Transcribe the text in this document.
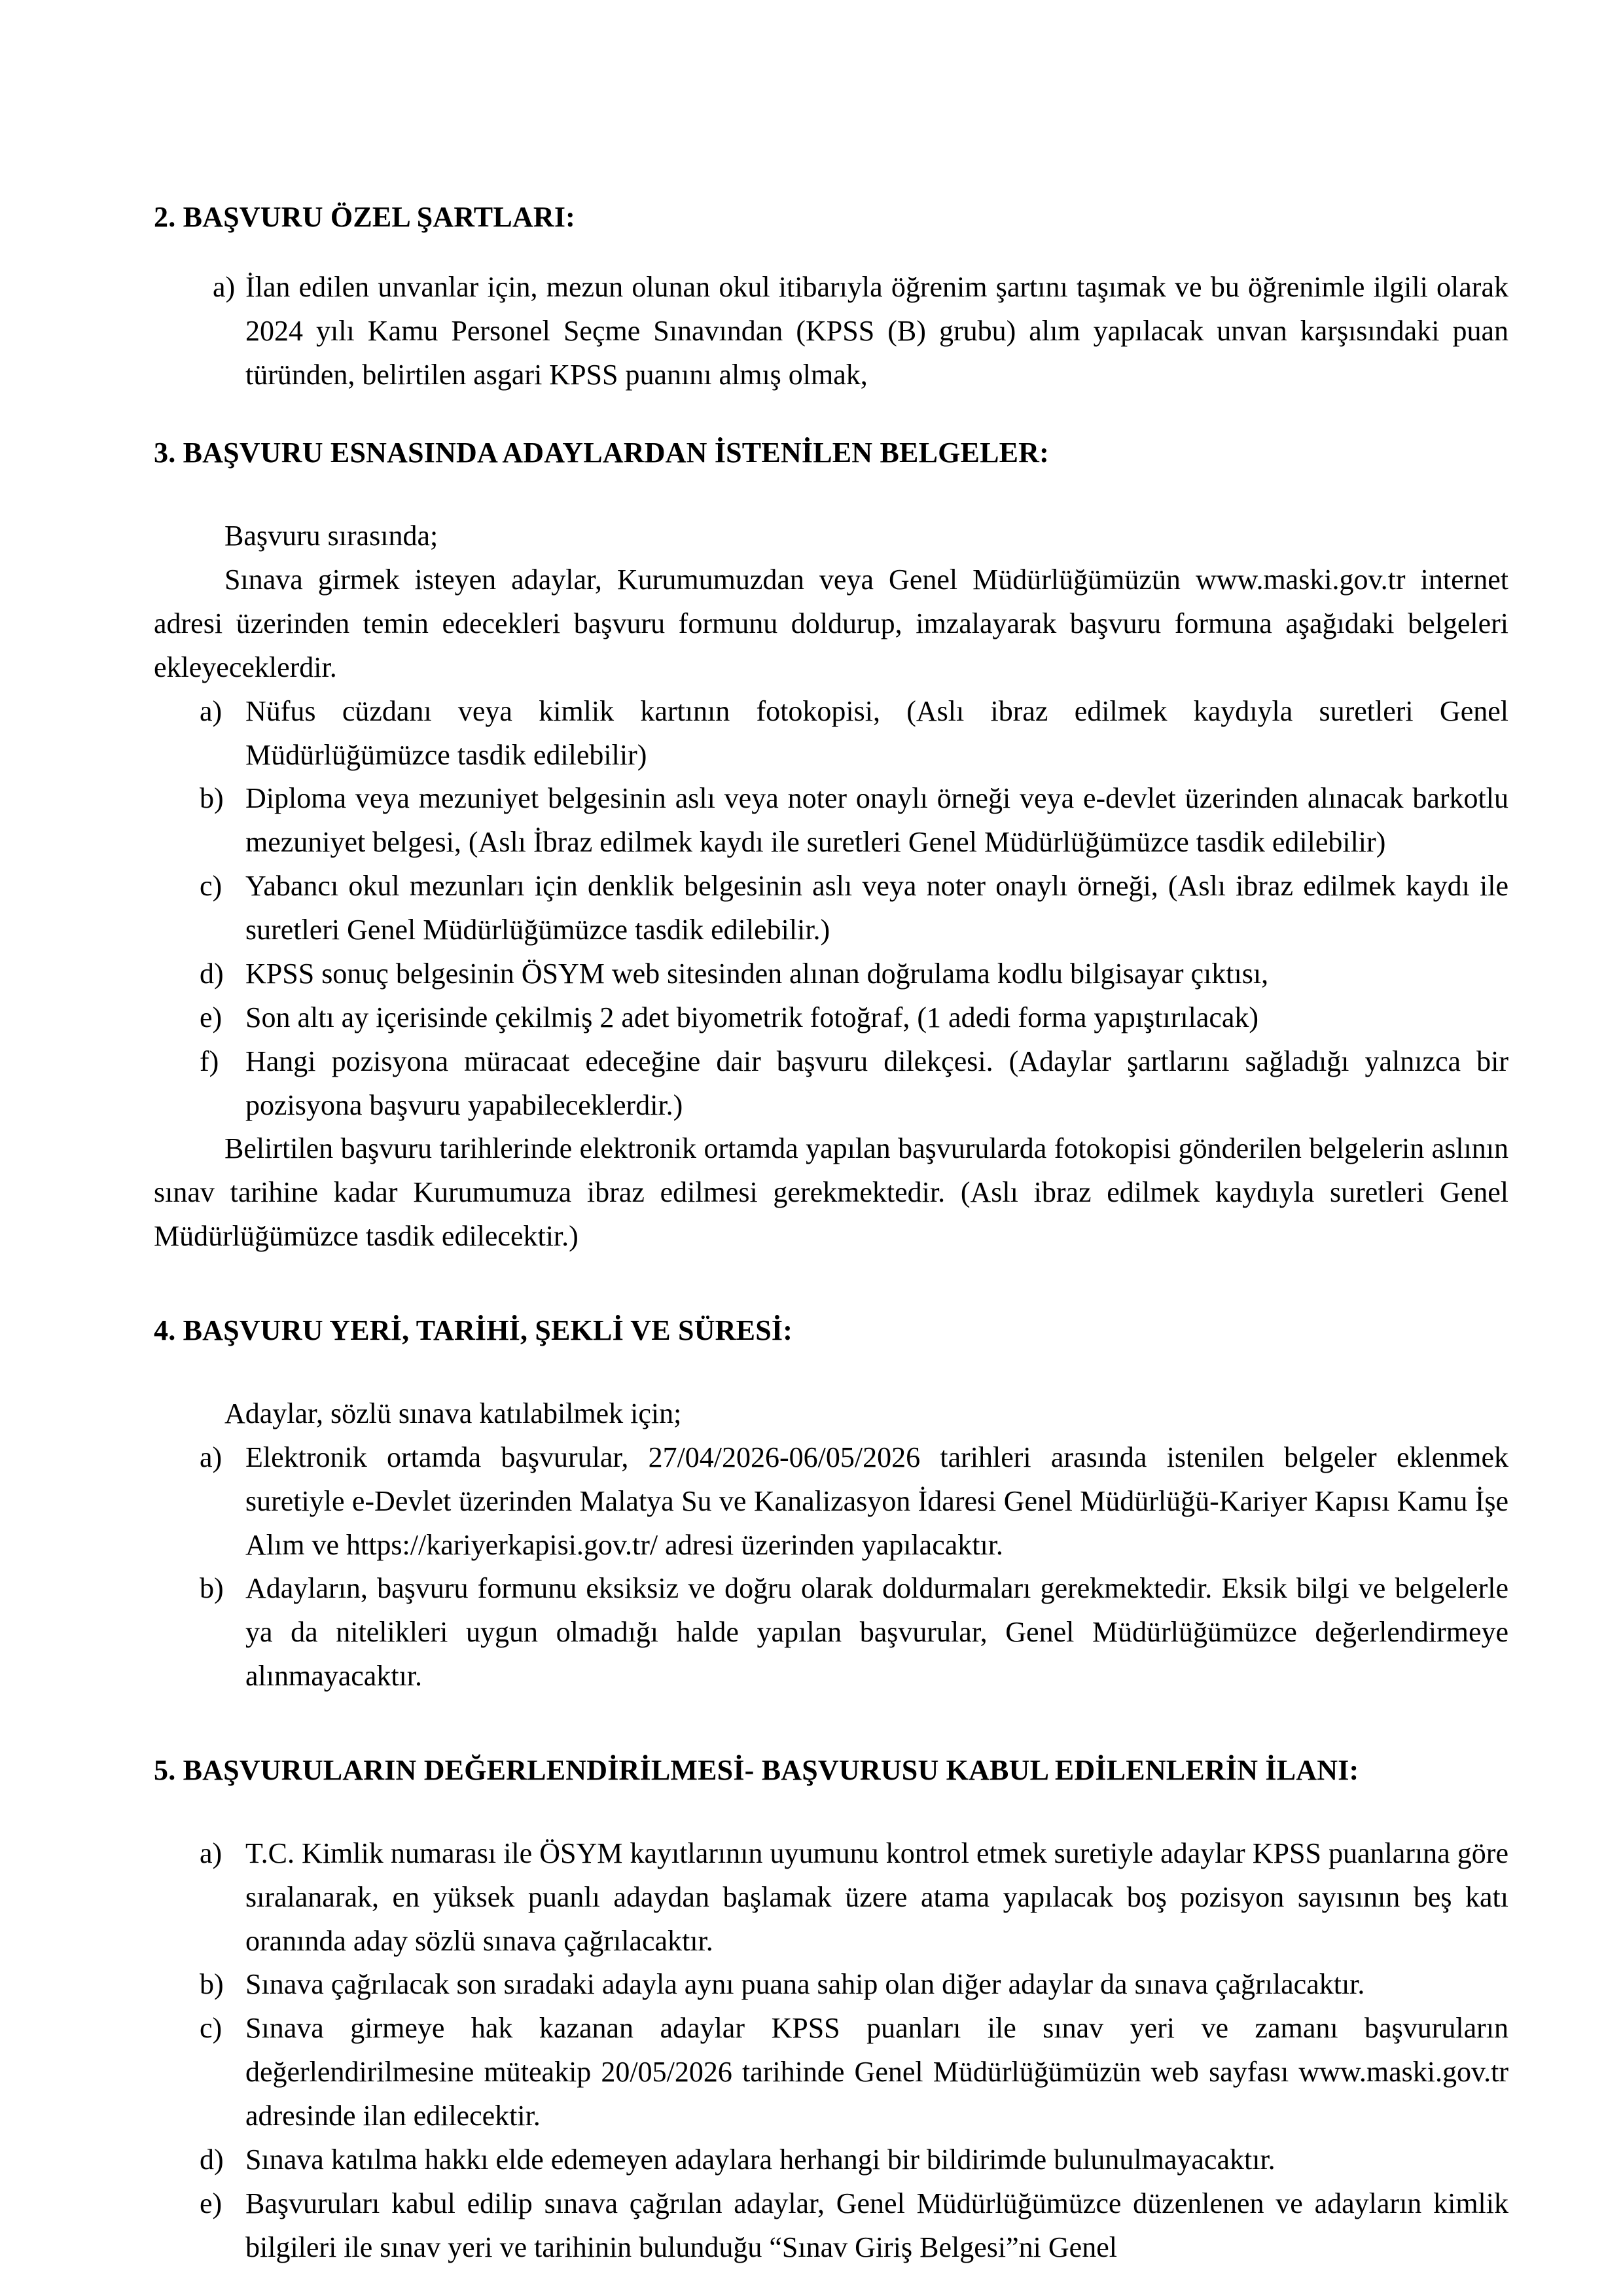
2. BAŞVURU ÖZEL ŞARTLARI:
a) İlan edilen unvanlar için, mezun olunan okul itibarıyla öğrenim şartını taşımak ve bu öğrenimle ilgili olarak 2024 yılı Kamu Personel Seçme Sınavından (KPSS (B) grubu) alım yapılacak unvan karşısındaki puan türünden, belirtilen asgari KPSS puanını almış olmak,
3. BAŞVURU ESNASINDA ADAYLARDAN İSTENİLEN BELGELER:

Başvuru sırasında;

Sınava girmek isteyen adaylar, Kurumumuzdan veya Genel Müdürlüğümüzün www.maski.gov.tr internet adresi üzerinden temin edecekleri başvuru formunu doldurup, imzalayarak başvuru formuna aşağıdaki belgeleri ekleyeceklerdir.

a) Nüfus cüzdanı veya kimlik kartının fotokopisi, (Aslı ibraz edilmek kaydıyla suretleri Genel Müdürlüğümüzce tasdik edilebilir)
b) Diploma veya mezuniyet belgesinin aslı veya noter onaylı örneği veya e-devlet üzerinden alınacak barkotlu mezuniyet belgesi, (Aslı İbraz edilmek kaydı ile suretleri Genel Müdürlüğümüzce tasdik edilebilir)
c) Yabancı okul mezunları için denklik belgesinin aslı veya noter onaylı örneği, (Aslı ibraz edilmek kaydı ile suretleri Genel Müdürlüğümüzce tasdik edilebilir.)
d) KPSS sonuç belgesinin ÖSYM web sitesinden alınan doğrulama kodlu bilgisayar çıktısı,
e) Son altı ay içerisinde çekilmiş 2 adet biyometrik fotoğraf, (1 adedi forma yapıştırılacak)
f) Hangi pozisyona müracaat edeceğine dair başvuru dilekçesi. (Adaylar şartlarını sağladığı yalnızca bir pozisyona başvuru yapabileceklerdir.)

Belirtilen başvuru tarihlerinde elektronik ortamda yapılan başvurularda fotokopisi gönderilen belgelerin aslının sınav tarihine kadar Kurumumuza ibraz edilmesi gerekmektedir. (Aslı ibraz edilmek kaydıyla suretleri Genel Müdürlüğümüzce tasdik edilecektir.)

4. BAŞVURU YERİ, TARİHİ, ŞEKLİ VE SÜRESİ:

Adaylar, sözlü sınava katılabilmek için;

a) Elektronik ortamda başvurular, 27/04/2026-06/05/2026 tarihleri arasında istenilen belgeler eklenmek suretiyle e-Devlet üzerinden Malatya Su ve Kanalizasyon İdaresi Genel Müdürlüğü-Kariyer Kapısı Kamu İşe Alım ve https://kariyerkapisi.gov.tr/ adresi üzerinden yapılacaktır.
b) Adayların, başvuru formunu eksiksiz ve doğru olarak doldurmaları gerekmektedir. Eksik bilgi ve belgelerle ya da nitelikleri uygun olmadığı halde yapılan başvurular, Genel Müdürlüğümüzce değerlendirmeye alınmayacaktır.
5. BAŞVURULARIN DEĞERLENDİRİLMESİ- BAŞVURUSU KABUL EDİLENLERİN İLANI:
a) T.C. Kimlik numarası ile ÖSYM kayıtlarının uyumunu kontrol etmek suretiyle adaylar KPSS puanlarına göre sıralanarak, en yüksek puanlı adaydan başlamak üzere atama yapılacak boş pozisyon sayısının beş katı oranında aday sözlü sınava çağrılacaktır.
b) Sınava çağrılacak son sıradaki adayla aynı puana sahip olan diğer adaylar da sınava çağrılacaktır.
c) Sınava girmeye hak kazanan adaylar KPSS puanları ile sınav yeri ve zamanı başvuruların değerlendirilmesine müteakip 20/05/2026 tarihinde Genel Müdürlüğümüzün web sayfası www.maski.gov.tr adresinde ilan edilecektir.
d) Sınava katılma hakkı elde edemeyen adaylara herhangi bir bildirimde bulunulmayacaktır.
e) Başvuruları kabul edilip sınava çağrılan adaylar, Genel Müdürlüğümüzce düzenlenen ve adayların kimlik bilgileri ile sınav yeri ve tarihinin bulunduğu “Sınav Giriş Belgesi”ni Genel
